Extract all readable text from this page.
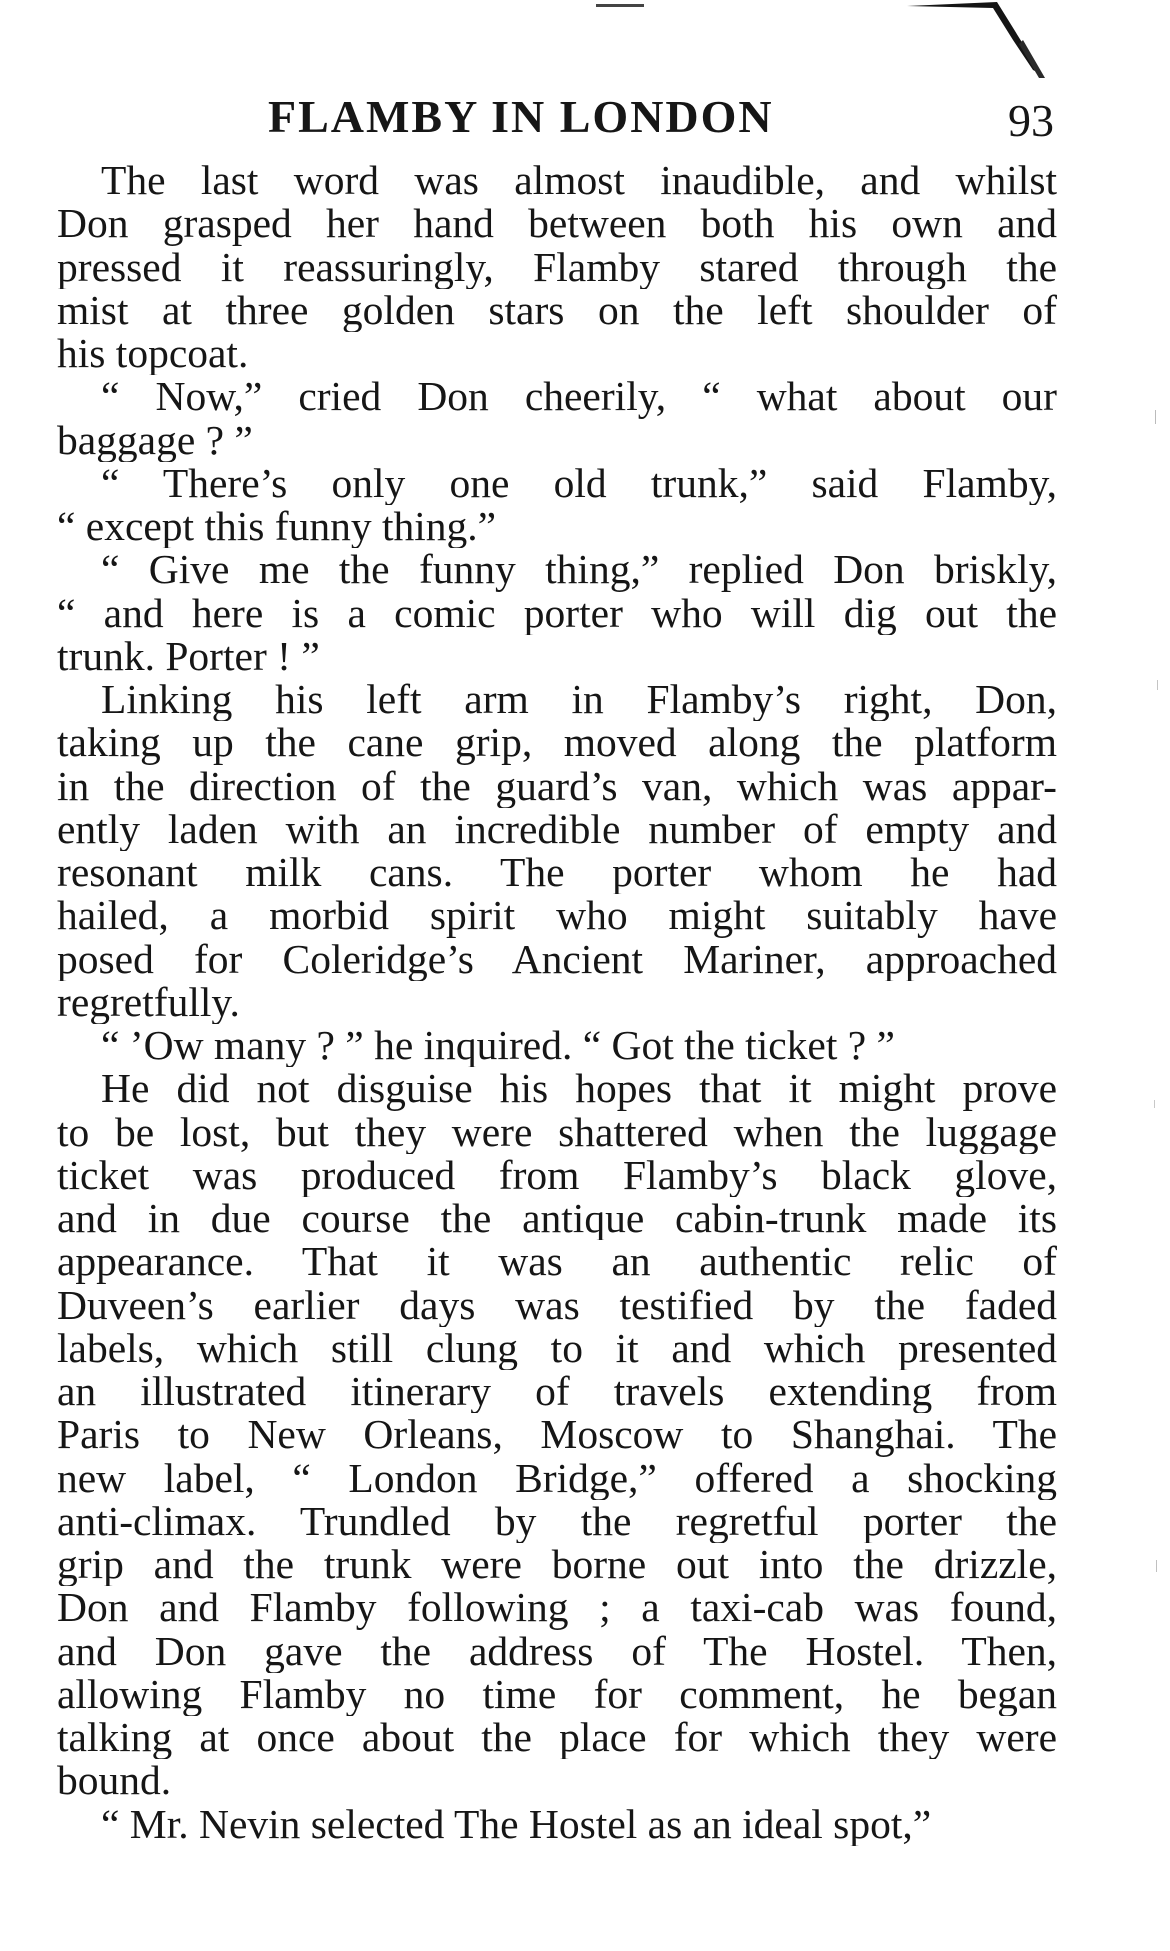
FLAMBY IN LONDON	93
The last word was almost inaudible, and whilst
Don grasped her hand between both his own and
pressed it reassuringly, Flamby stared through the
mist at three golden stars on the left shoulder of
his topcoat.
“ Now,” cried Don cheerily, “ what about our
baggage ? ”
“ There’s only one old trunk,” said Flamby,
“ except this funny thing.”
“ Give me the funny thing,” replied Don briskly,
“ and here is a comic porter who will dig out the
trunk. Porter ! ”
Linking his left arm in Flamby’s right, Don,
taking up the cane grip, moved along the platform
in the direction of the guard’s van, which was appar-
ently laden with an incredible number of empty and
resonant milk cans. The porter whom he had
hailed, a morbid spirit who might suitably have
posed for Coleridge’s Ancient Mariner, approached
regretfully.
“ ’Ow many ? ” he inquired. “ Got the ticket ? ”
He did not disguise his hopes that it might prove
to be lost, but they were shattered when the luggage
ticket was produced from Flamby’s black glove,
and in due course the antique cabin-trunk made its
appearance. That it was an authentic relic of
Duveen’s earlier days was testified by the faded
labels, which still clung to it and which presented
an illustrated itinerary of travels extending from
Paris to New Orleans, Moscow to Shanghai. The
new label, “ London Bridge,” offered a shocking
anti-climax. Trundled by the regretful porter the
grip and the trunk were borne out into the drizzle,
Don and Flamby following ; a taxi-cab was found,
and Don gave the address of The Hostel. Then,
allowing Flamby no time for comment, he began
talking at once about the place for which they were
bound.
“ Mr. Nevin selected The Hostel as an ideal spot,”
